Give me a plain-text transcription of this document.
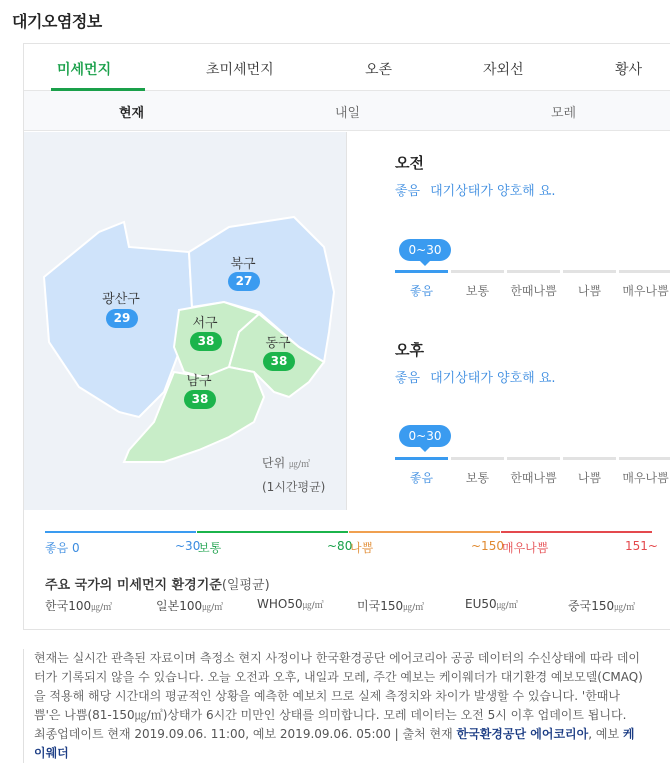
대기오염정보
미세먼지	초미세먼지	오존	자외선	황사
현재	내일	모레
광산구
29
북구
27
서구
38	동구
38
남구
38
단위 ㎍/㎥
(1시간평균)
오전
좋음 대기상태가 양호해 요.
0~30
좋음	보통	한때나쁨	나쁨	매우나쁨
오후
좋음 대기상태가 양호해 요.
0~30
좋음	보통	한때나쁨	나쁨	매우나쁨
좋음 0	~30
보통	~80
나쁨	~150
매우나쁨	151~
주요 국가의 미세먼지 환경기준(일평균)
한국100㎍/㎥	일본100㎍/㎥	WHO50㎍/㎥	미국150㎍/㎥	EU50㎍/㎥	중국150㎍/㎥
현재는 실시간 관측된 자료이며 측정소 현지 사정이나 한국환경공단 에어코리아 공공 데이터의 수신상태에 따라 데이터가 기록되지 않을 수 있습니다. 오늘 오전과 오후, 내일과 모레, 주간 예보는 케이웨더가 대기환경 예보모델(CMAQ)을 적용해 해당 시간대의 평균적인 상황을 예측한 예보치 므로 실제 측정치와 차이가 발생할 수 있습니다. '한때나쁨'은 나쁨(81-150㎍/㎥)상태가 6시간 미만인 상태를 의미합니다. 모레 데이터는 오전 5시 이후 업데이트 됩니다.
최종업데이트 현재 2019.09.06. 11:00, 예보 2019.09.06. 05:00 | 출처 현재 한국환경공단 에어코리아, 예보 케이웨더
